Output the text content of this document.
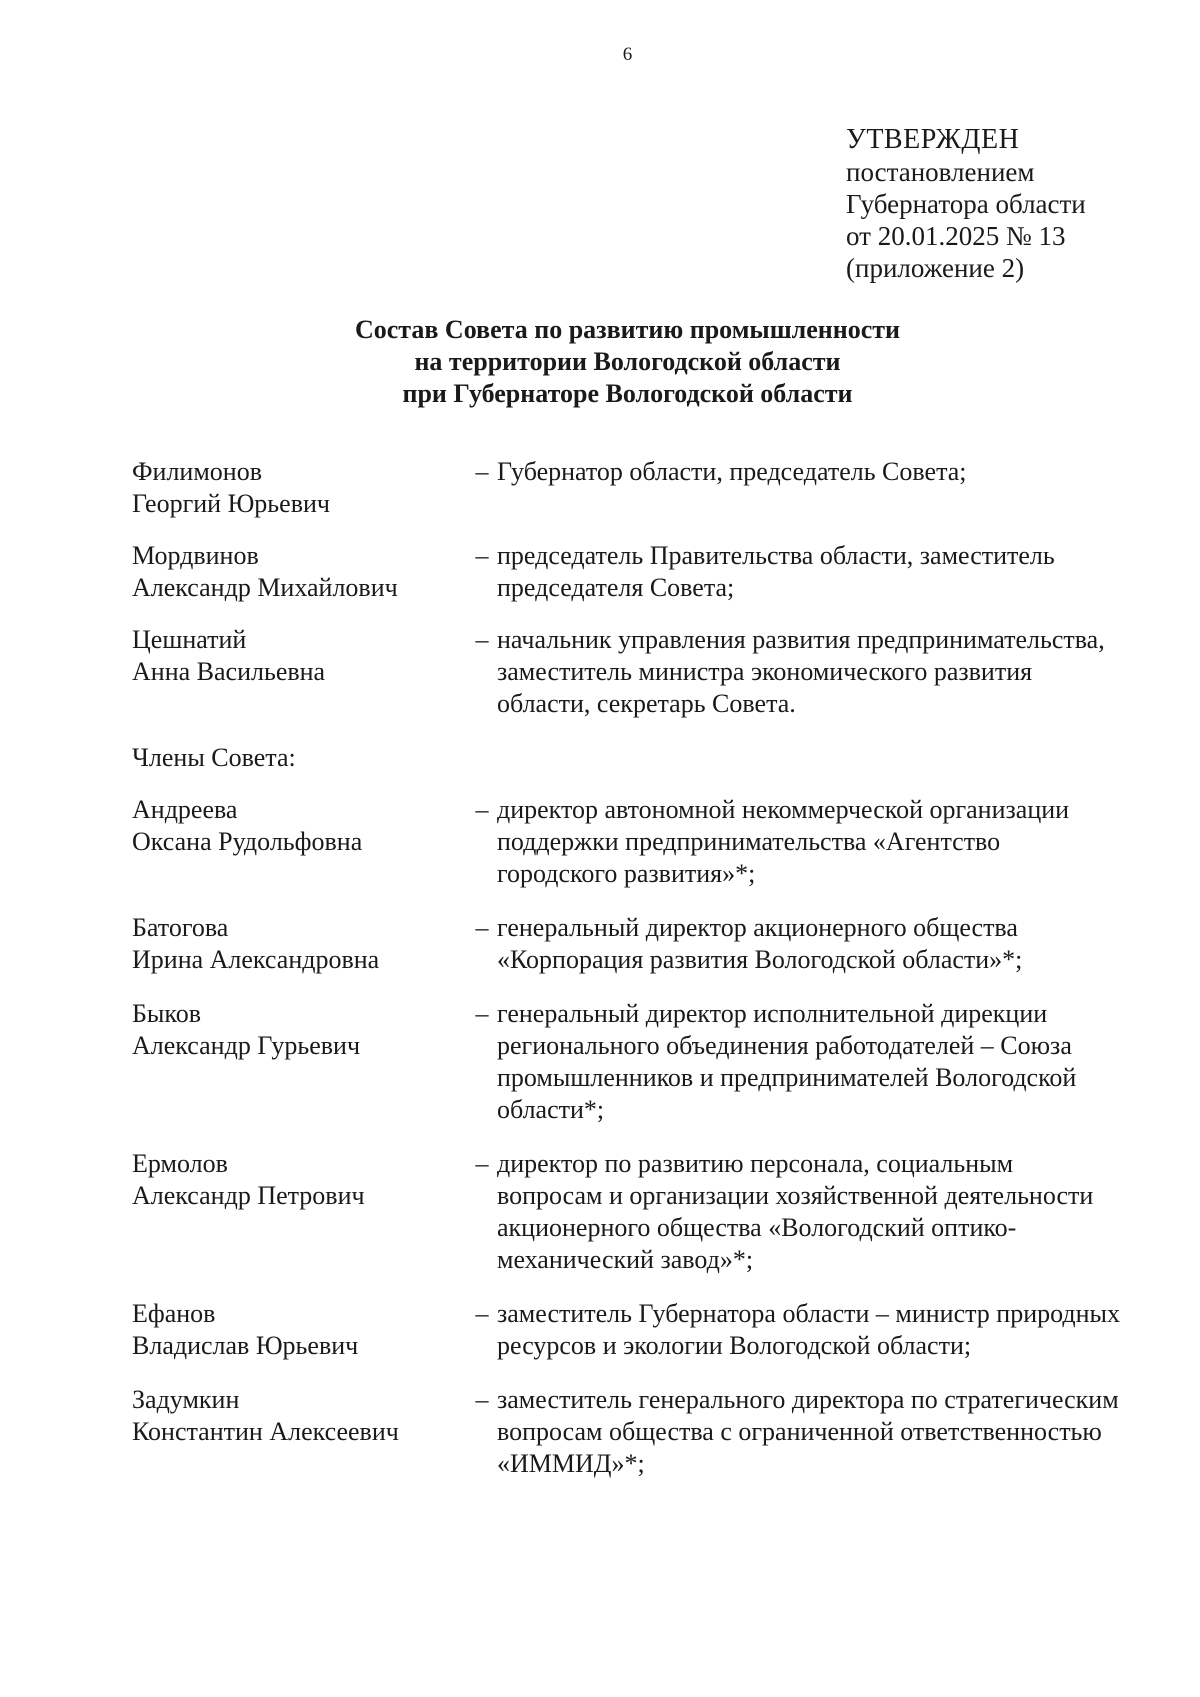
6
УТВЕРЖДЕН
постановлением
Губернатора области
от 20.01.2025 № 13
(приложение 2)
Состав Совета по развитию промышленности
на территории Вологодской области
при Губернаторе Вологодской области
Филимонов
Георгий Юрьевич
– Губернатор области, председатель Совета;
Мордвинов
Александр Михайлович
– председатель Правительства области, заместитель председателя Совета;
Цешнатий
Анна Васильевна
– начальник управления развития предпринимательства, заместитель министра экономического развития области, секретарь Совета.
Члены Совета:
Андреева
Оксана Рудольфовна
– директор автономной некоммерческой организации поддержки предпринимательства «Агентство городского развития»*;
Батогова
Ирина Александровна
– генеральный директор акционерного общества «Корпорация развития Вологодской области»*;
Быков
Александр Гурьевич
– генеральный директор исполнительной дирекции регионального объединения работодателей – Союза промышленников и предпринимателей Вологодской области*;
Ермолов
Александр Петрович
– директор по развитию персонала, социальным вопросам и организации хозяйственной деятельности акционерного общества «Вологодский оптико-механический завод»*;
Ефанов
Владислав Юрьевич
– заместитель Губернатора области – министр природных ресурсов и экологии Вологодской области;
Задумкин
Константин Алексеевич
– заместитель генерального директора по стратегическим вопросам общества с ограниченной ответственностью «ИММИД»*;
